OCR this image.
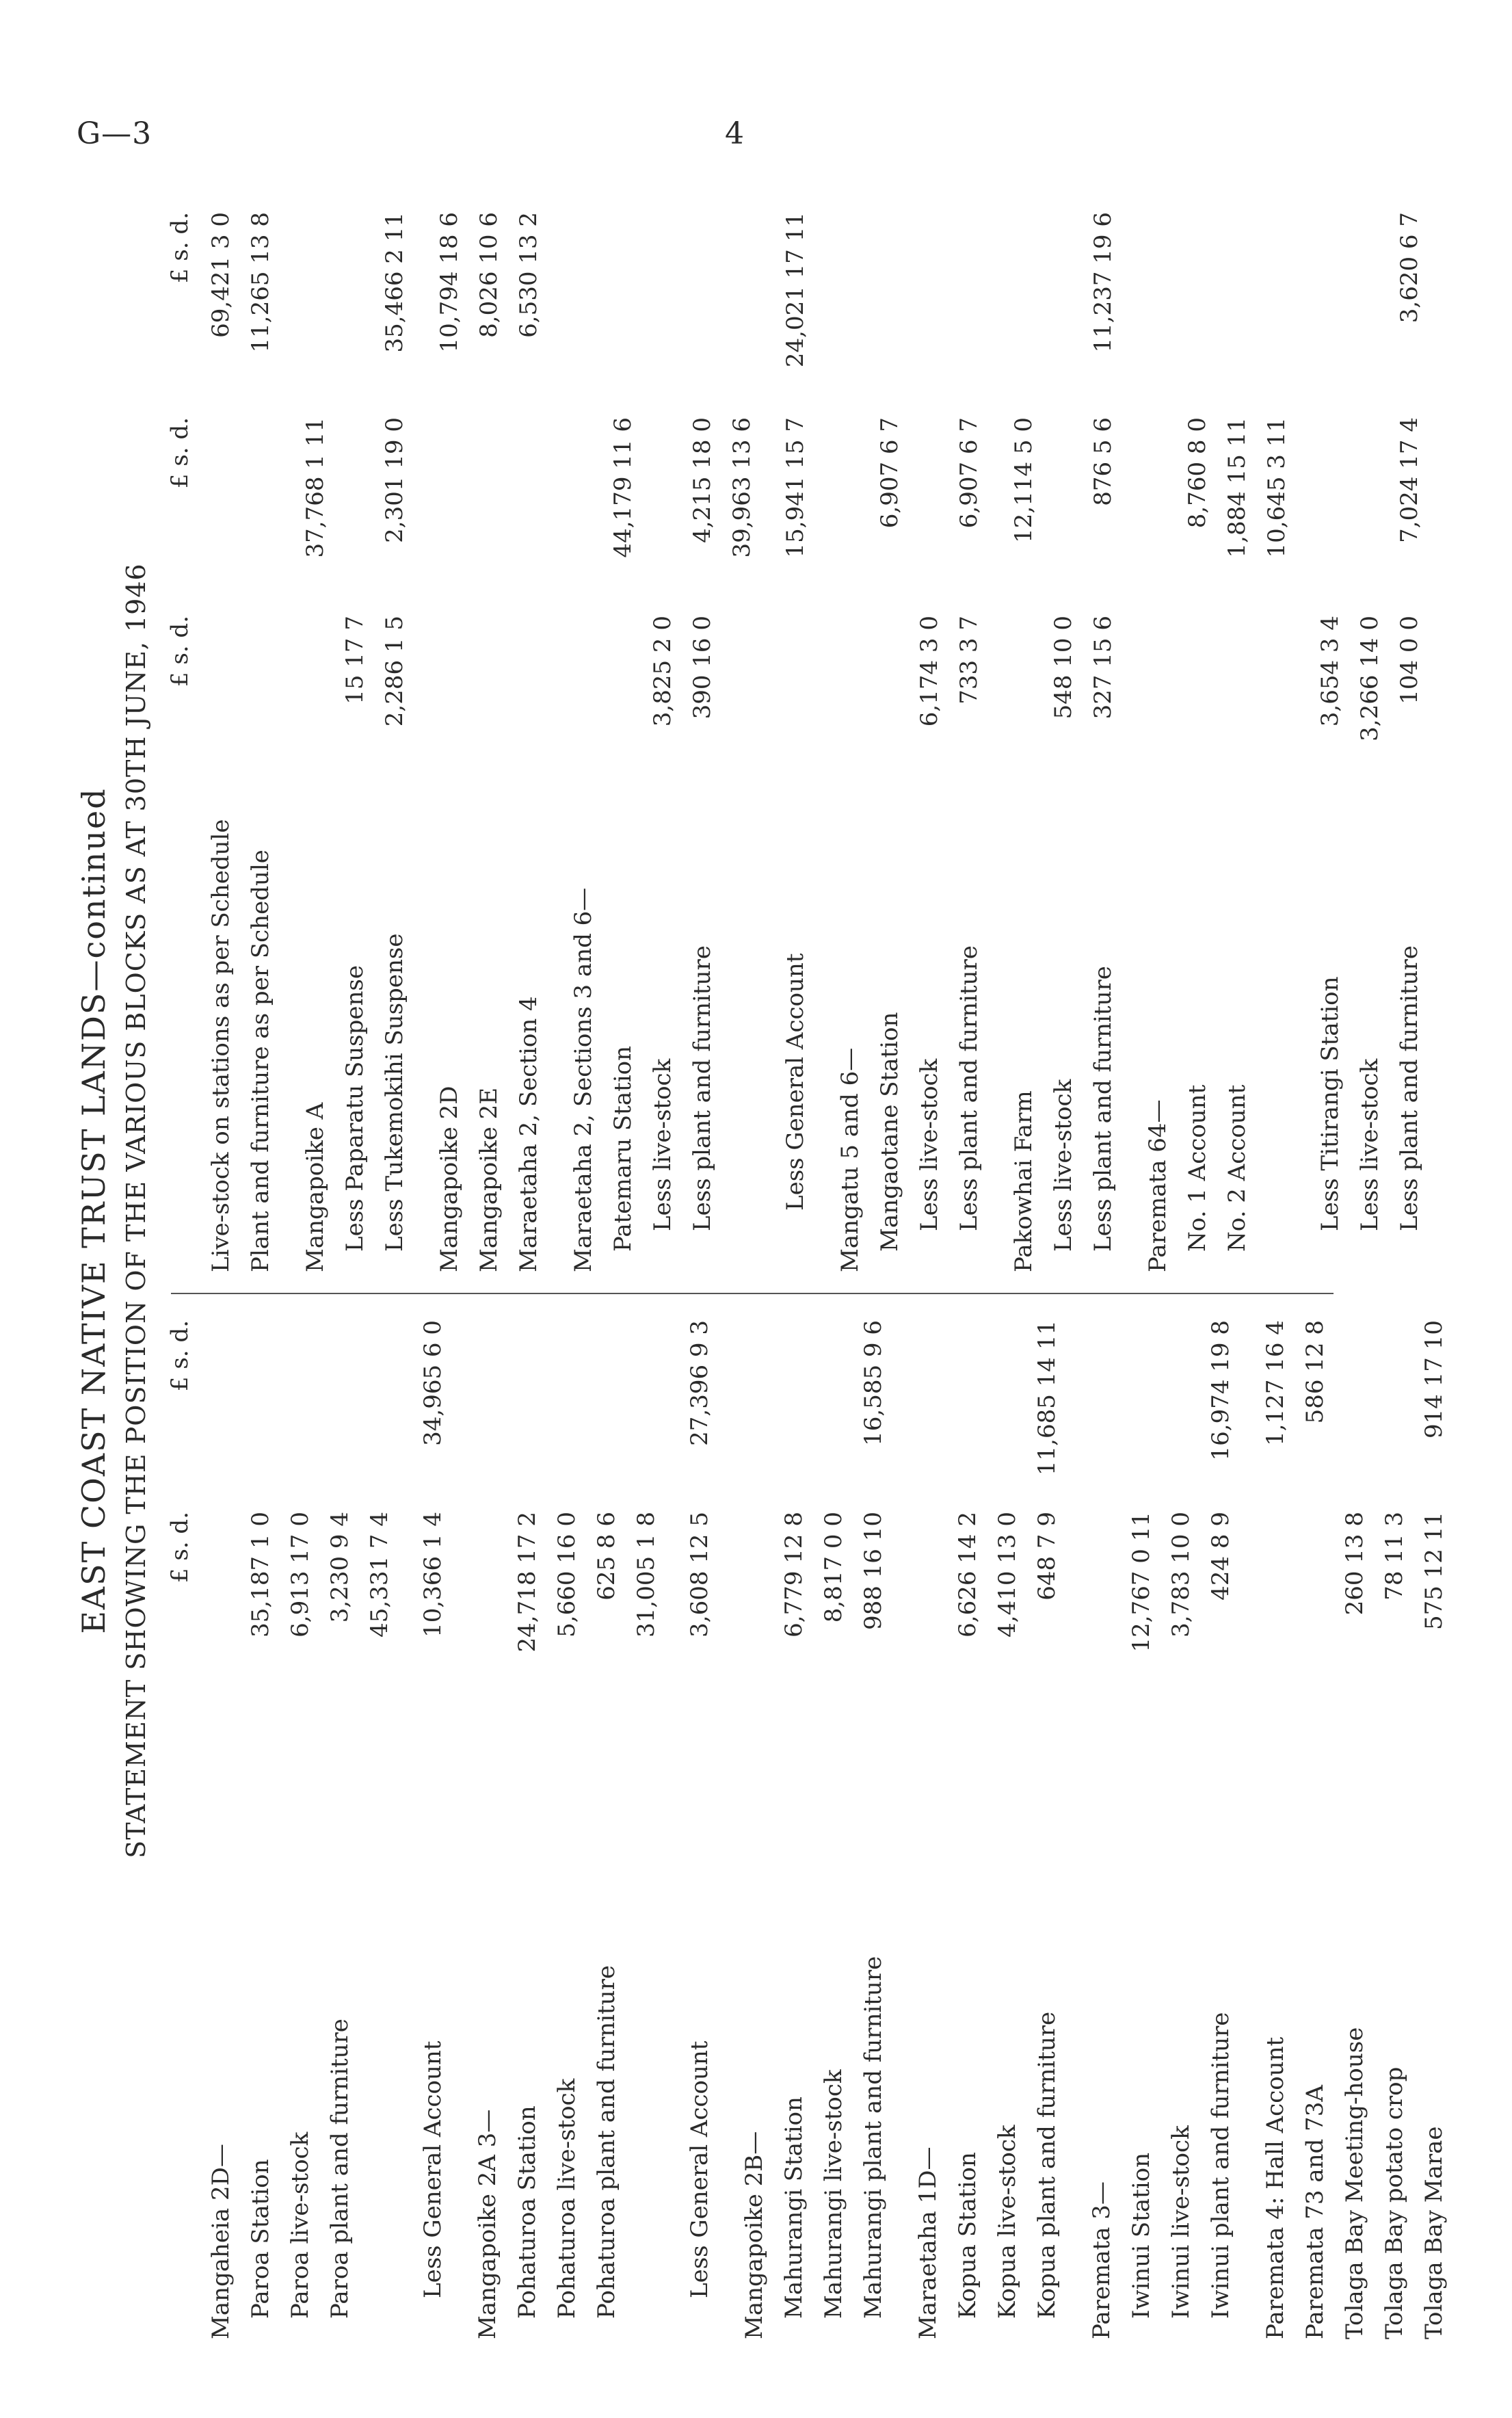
G—3	4
EAST COAST NATIVE TRUST LANDS—continued STATEMENT SHOWING THE POSITION OF THE VARIOUS BLOCKS AS AT 30TH JUNE, 1946 £ s. d.
£ s. d.
£ s. d.
£ s. d.
£ s. d.
Mangaheia 2D— Paroa Station
35,187 1 0
Paroa live-stock
6,913 17 0
Paroa plant and furniture
3,230 9 4 45,331 7 4
Less General Account
10,366 1 4
34,965 6 0
Mangapoike 2A 3— Pohaturoa Station
24,718 17 2
Pohaturoa live-stock
5,660 16 0
Pohaturoa plant and furniture
625 8 6 31,005 1 8
Less General Account
3,608 12 5
27,396 9 3
Mangapoike 2B— Mahurangi Station
6,779 12 8
Mahurangi live-stock
8,817 0 0
Mahurangi plant and furniture
988 16 10
16,585 9 6
Maraetaha 1D— Kopua Station
6,626 14 2
Kopua live-stock
4,410 13 0
Kopua plant and furniture
648 7 9
11,685 14 11
Paremata 3— Iwinui Station
12,767 0 11
Iwinui live-stock
3,783 10 0
Iwinui plant and furniture
424 8 9
16,974 19 8
Paremata 4: Hall Account
1,127 16 4
Paremata 73 and 73A
586 12 8
Tolaga Bay Meeting-house
260 13 8
Tolaga Bay potato crop
78 11 3
Tolaga Bay Marae
575 12 11
914 17 10
Live-stock on stations as per Schedule
69,421 3 0
Plant and furniture as per Schedule
11,265 13 8
Mangapoike A
37,768 1 11
Less Paparatu Suspense
15 17 7
Less Tukemokihi Suspense
2,286 1 5
2,301 19 0
35,466 2 11
Mangapoike 2D
10,794 18 6
Mangapoike 2E
8,026 10 6
Maraetaha 2, Section 4
6,530 13 2
Maraetaha 2, Sections 3 and 6— Patemaru Station
44,179 11 6
Less live-stock
3,825 2 0
Less plant and furniture
390 16 0
4,215 18 0 39,963 13 6
Less General Account
15,941 15 7
24,021 17 11
Mangatu 5 and 6— Mangaotane Station
6,907 6 7
Less live-stock
6,174 3 0
Less plant and furniture
733 3 7
6,907 6 7
Pakowhai Farm
12,114 5 0
Less live-stock
548 10 0
Less plant and furniture
327 15 6
876 5 6
11,237 19 6
Paremata 64— No. 1 Account
8,760 8 0
No. 2 Account
1,884 15 11 10,645 3 11
Less Titirangi Station
3,654 3 4
Less live-stock
3,266 14 0
Less plant and furniture
104 0 0
7,024 17 4
3,620 6 7
